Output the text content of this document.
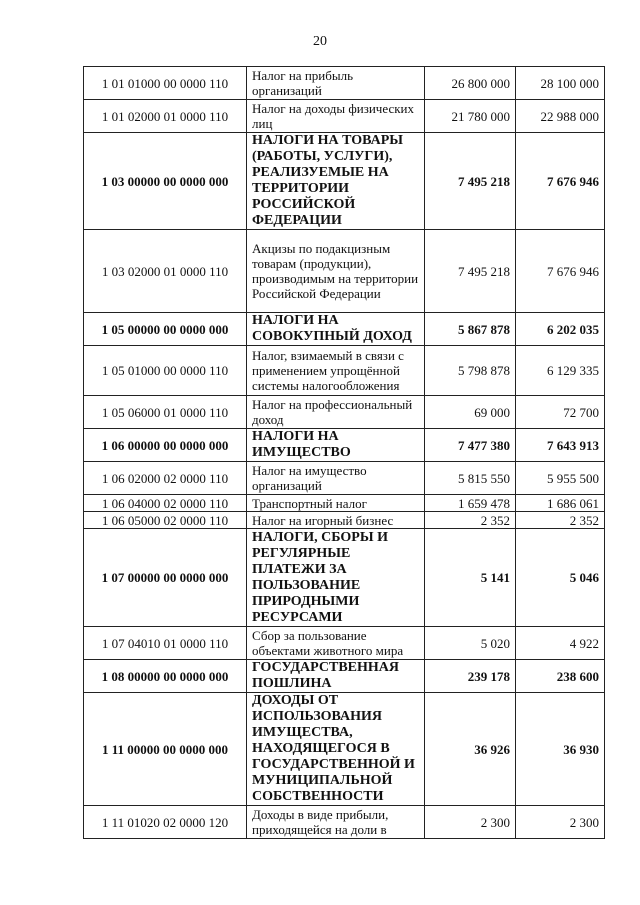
20
1 01 01000 00 0000 110	Налог на прибыль организаций	26 800 000	28 100 000
1 01 02000 01 0000 110	Налог на доходы физических лиц	21 780 000	22 988 000
1 03 00000 00 0000 000	НАЛОГИ НА ТОВАРЫ (РАБОТЫ, УСЛУГИ), РЕАЛИЗУЕМЫЕ НА ТЕРРИТОРИИ РОССИЙСКОЙ ФЕДЕРАЦИИ	7 495 218	7 676 946
1 03 02000 01 0000 110	Акцизы по подакцизным товарам (продукции), производимым на территории Российской Федерации	7 495 218	7 676 946
1 05 00000 00 0000 000	НАЛОГИ НА СОВОКУПНЫЙ ДОХОД	5 867 878	6 202 035
1 05 01000 00 0000 110	Налог, взимаемый в связи с применением упрощённой системы налогообложения	5 798 878	6 129 335
1 05 06000 01 0000 110	Налог на профессиональный доход	69 000	72 700
1 06 00000 00 0000 000	НАЛОГИ НА ИМУЩЕСТВО	7 477 380	7 643 913
1 06 02000 02 0000 110	Налог на имущество организаций	5 815 550	5 955 500
1 06 04000 02 0000 110	Транспортный налог	1 659 478	1 686 061
1 06 05000 02 0000 110	Налог на игорный бизнес	2 352	2 352
1 07 00000 00 0000 000	НАЛОГИ, СБОРЫ И РЕГУЛЯРНЫЕ ПЛАТЕЖИ ЗА ПОЛЬЗОВАНИЕ ПРИРОДНЫМИ РЕСУРСАМИ	5 141	5 046
1 07 04010 01 0000 110	Сбор за пользование объектами животного мира	5 020	4 922
1 08 00000 00 0000 000	ГОСУДАРСТВЕННАЯ ПОШЛИНА	239 178	238 600
1 11 00000 00 0000 000	ДОХОДЫ ОТ ИСПОЛЬЗОВАНИЯ ИМУЩЕСТВА, НАХОДЯЩЕГОСЯ В ГОСУДАРСТВЕННОЙ И МУНИЦИПАЛЬНОЙ СОБСТВЕННОСТИ	36 926	36 930
1 11 01020 02 0000 120	Доходы в виде прибыли, приходящейся на доли в	2 300	2 300
